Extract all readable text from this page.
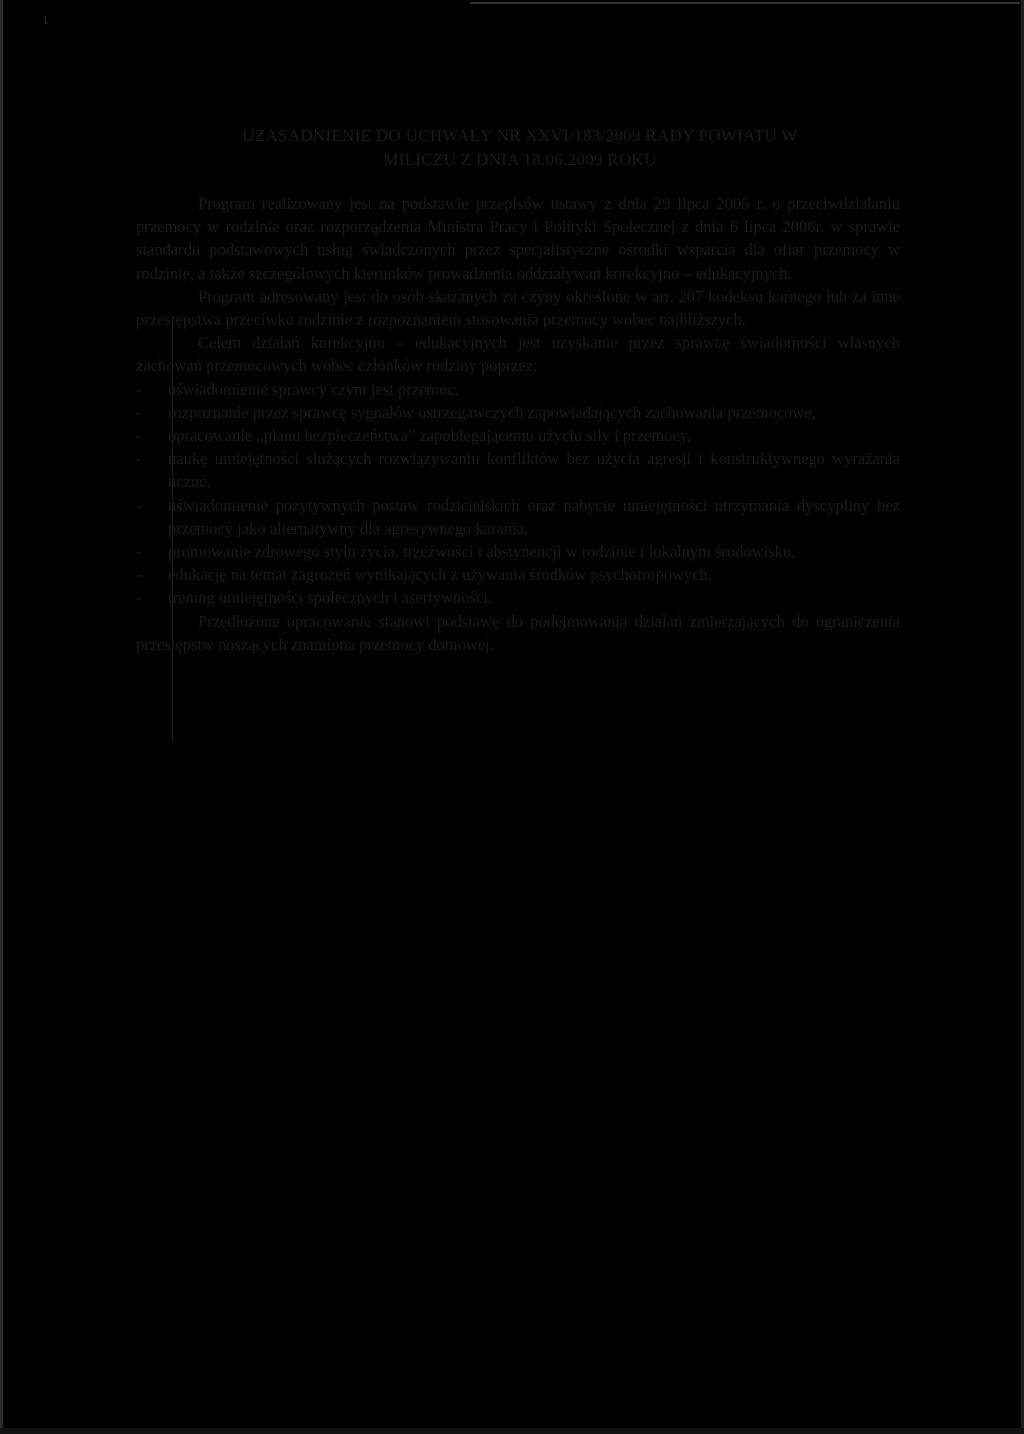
1
UZASADNIENIE DO UCHWAŁY NR XXVI/183/2009 RADY POWIATU W
MILICZU Z DNIA 18.06.2009 ROKU

Program realizowany jest na podstawie przepisów ustawy z dnia 29 lipca 2005 r. o przeciwdziałaniu przemocy w rodzinie oraz rozporządzenia Ministra Pracy i Polityki Społecznej z dnia 6 lipca 2006r. w sprawie standardu podstawowych usług świadczonych przez specjalistyczne ośrodki wsparcia dla ofiar przemocy w rodzinie, a także szczegółowych kierunków prowadzenia oddziaływań korekcyjno – edukacyjnych.

Program adresowany jest do osób skazanych za czyny określone w art. 207 kodeksu karnego lub za inne przestępstwa przeciwko rodzinie z rozpoznaniem stosowania przemocy wobec najbliższych.

Celem działań korekcyjno – edukacyjnych jest uzyskanie przez sprawcę świadomości własnych zachowań przemocowych wobec członków rodziny poprzez:

- uświadomienie sprawcy czym jest przemoc,
- rozpoznanie przez sprawcę sygnałów ostrzegawczych zapowiadających zachowania przemocowe,
- opracowanie „planu bezpieczeństwa” zapobiegającemu użyciu siły i przemocy,
- naukę umiejętności służących rozwiązywaniu konfliktów bez użycia agresji i konstruktywnego wyrażania uczuć,
- uświadomienie pozytywnych postaw rodzicielskich oraz nabycie umiejętności utrzymania dyscypliny bez przemocy jako alternatywny dla agresywnego karania,
- promowanie zdrowego stylu życia, trzeźwości i abstynencji w rodzinie i lokalnym środowisku,
- edukację na temat zagrożeń wynikających z używania środków psychotropowych,
- trening umiejętności społecznych i asertywności.

Przedłożone opracowanie stanowi podstawę do podejmowania działań zmierzających do ograniczenia przestępstw noszących znamiona przemocy domowej.
